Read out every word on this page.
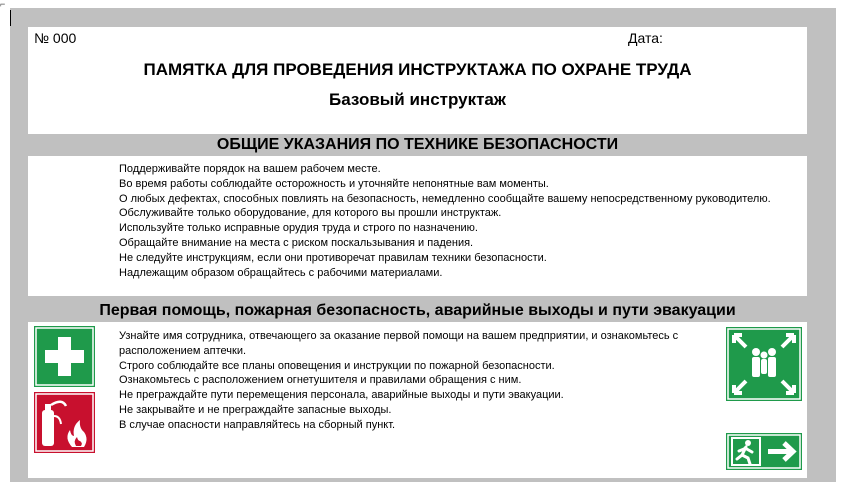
⌐
№ 000	Дата:
ПАМЯТКА ДЛЯ ПРОВЕДЕНИЯ ИНСТРУКТАЖА ПО ОХРАНЕ ТРУДА
Базовый инструктаж
ОБЩИЕ УКАЗАНИЯ ПО ТЕХНИКЕ БЕЗОПАСНОСТИ
Поддерживайте порядок на вашем рабочем месте.
Во время работы соблюдайте осторожность и уточняйте непонятные вам моменты.
О любых дефектах, способных повлиять на безопасность, немедленно сообщайте вашему непосредственному руководителю.
Обслуживайте только оборудование, для которого вы прошли инструктаж.
Используйте только исправные орудия труда и строго по назначению.
Обращайте внимание на места с риском поскальзывания и падения.
Не следуйте инструкциям, если они противоречат правилам техники безопасности.
Надлежащим образом обращайтесь с рабочими материалами.
Первая помощь, пожарная безопасность, аварийные выходы и пути эвакуации
Узнайте имя сотрудника, отвечающего за оказание первой помощи на вашем предприятии, и ознакомьтесь с расположением аптечки.
Строго соблюдайте все планы оповещения и инструкции по пожарной безопасности.
Ознакомьтесь с расположением огнетушителя и правилами обращения с ним.
Не преграждайте пути перемещения персонала, аварийные выходы и пути эвакуации.
Не закрывайте и не преграждайте запасные выходы.
В случае опасности направляйтесь на сборный пункт.
